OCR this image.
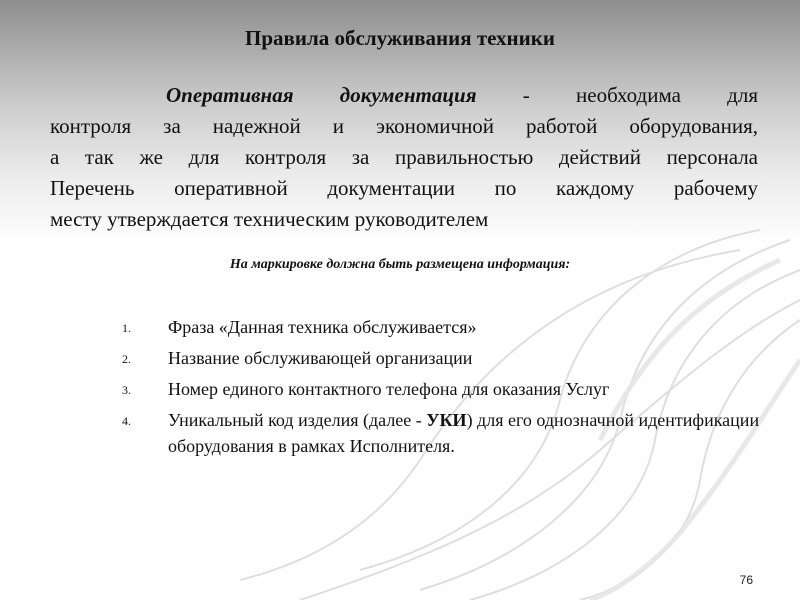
Правила обслуживания техники
Оперативная документация - необходима для
контроля за надежной и экономичной работой оборудования,
а так же для контроля за правильностью действий персонала
Перечень оперативной документации по каждому рабочему
месту утверждается техническим руководителем

На маркировке должна быть размещена информация:

1. Фраза «Данная техника обслуживается»
2. Название обслуживающей организации
3. Номер единого контактного телефона для оказания Услуг
4. Уникальный код изделия (далее - УКИ) для его однозначной идентификации оборудования в рамках Исполнителя.
76
